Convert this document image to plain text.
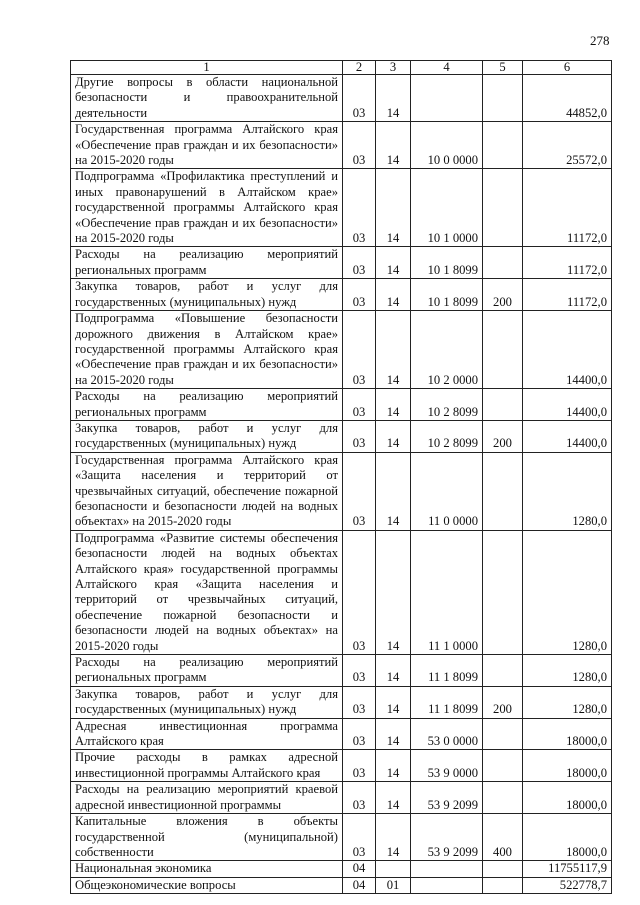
278
1	2	3	4	5	6
Другие вопросы в области национальной безопасности и правоохранительной деятельности	03	14			44852,0
Государственная программа Алтайского края «Обеспечение прав граждан и их безопасности» на 2015-2020 годы	03	14	10 0 0000		25572,0
Подпрограмма «Профилактика преступлений и иных правонарушений в Алтайском крае» государственной программы Алтайского края «Обеспечение прав граждан и их безопасности» на 2015-2020 годы	03	14	10 1 0000		11172,0
Расходы на реализацию мероприятий региональных программ	03	14	10 1 8099		11172,0
Закупка товаров, работ и услуг для государственных (муниципальных) нужд	03	14	10 1 8099	200	11172,0
Подпрограмма «Повышение безопасности дорожного движения в Алтайском крае» государственной программы Алтайского края «Обеспечение прав граждан и их безопасности» на 2015-2020 годы	03	14	10 2 0000		14400,0
Расходы на реализацию мероприятий региональных программ	03	14	10 2 8099		14400,0
Закупка товаров, работ и услуг для государственных (муниципальных) нужд	03	14	10 2 8099	200	14400,0
Государственная программа Алтайского края «Защита населения и территорий от чрезвычайных ситуаций, обеспечение пожарной безопасности и безопасности людей на водных объектах» на 2015-2020 годы	03	14	11 0 0000		1280,0
Подпрограмма «Развитие системы обеспечения безопасности людей на водных объектах Алтайского края» государственной программы Алтайского края «Защита населения и территорий от чрезвычайных ситуаций, обеспечение пожарной безопасности и безопасности людей на водных объектах» на 2015-2020 годы	03	14	11 1 0000		1280,0
Расходы на реализацию мероприятий региональных программ	03	14	11 1 8099		1280,0
Закупка товаров, работ и услуг для государственных (муниципальных) нужд	03	14	11 1 8099	200	1280,0
Адресная инвестиционная программа Алтайского края	03	14	53 0 0000		18000,0
Прочие расходы в рамках адресной инвестиционной программы Алтайского края	03	14	53 9 0000		18000,0
Расходы на реализацию мероприятий краевой адресной инвестиционной программы	03	14	53 9 2099		18000,0
Капитальные вложения в объекты государственной (муниципальной) собственности	03	14	53 9 2099	400	18000,0
Национальная экономика	04				11755117,9
Общеэкономические вопросы	04	01			522778,7
